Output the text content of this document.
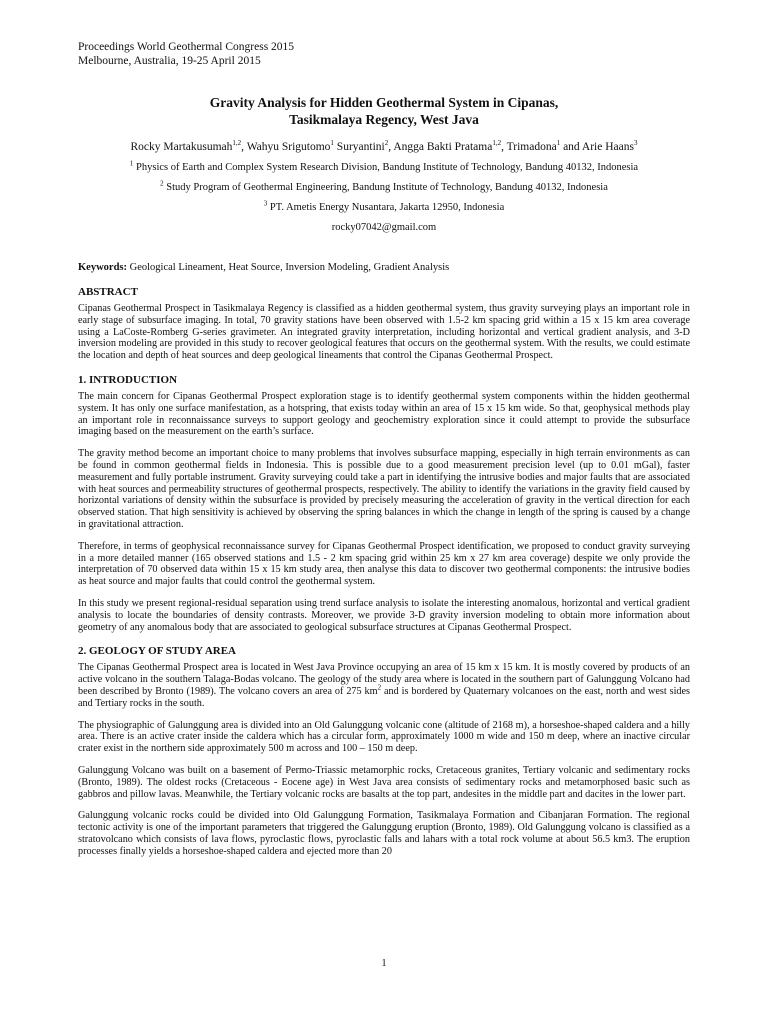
Proceedings World Geothermal Congress 2015
Melbourne, Australia, 19-25 April 2015
Gravity Analysis for Hidden Geothermal System in Cipanas,
Tasikmalaya Regency, West Java
Rocky Martakusumah$^{1,2}$, Wahyu Srigutomo$^1$ Suryantini$^2$, Angga Bakti Pratama$^{1,2}$, Trimadona$^1$ and Arie Haans$^3$
$^1$ Physics of Earth and Complex System Research Division, Bandung Institute of Technology, Bandung 40132, Indonesia
$^2$ Study Program of Geothermal Engineering, Bandung Institute of Technology, Bandung 40132, Indonesia
$^3$ PT. Ametis Energy Nusantara, Jakarta 12950, Indonesia
rocky07042@gmail.com
Keywords: Geological Lineament, Heat Source, Inversion Modeling, Gradient Analysis
ABSTRACT

Cipanas Geothermal Prospect in Tasikmalaya Regency is classified as a hidden geothermal system, thus gravity surveying plays an important role in early stage of subsurface imaging. In total, 70 gravity stations have been observed with 1.5-2 km spacing grid within a 15 x 15 km area coverage using a LaCoste-Romberg G-series gravimeter. An integrated gravity interpretation, including horizontal and vertical gradient analysis, and 3-D inversion modeling are provided in this study to recover geological features that occurs on the geothermal system. With the results, we could estimate the location and depth of heat sources and deep geological lineaments that control the Cipanas Geothermal Prospect.

1. INTRODUCTION

The main concern for Cipanas Geothermal Prospect exploration stage is to identify geothermal system components within the hidden geothermal system. It has only one surface manifestation, as a hotspring, that exists today within an area of 15 x 15 km wide. So that, geophysical methods play an important role in reconnaissance surveys to support geology and geochemistry exploration since it could attempt to provide the subsurface imaging based on the measurement on the earth’s surface.

The gravity method become an important choice to many problems that involves subsurface mapping, especially in high terrain environments as can be found in common geothermal fields in Indonesia. This is possible due to a good measurement precision level (up to 0.01 mGal), faster measurement and fully portable instrument. Gravity surveying could take a part in identifying the intrusive bodies and major faults that are associated with heat sources and permeability structures of geothermal prospects, respectively. The ability to identify the variations in the gravity field caused by horizontal variations of density within the subsurface is provided by precisely measuring the acceleration of gravity in the vertical direction for each observed station. That high sensitivity is achieved by observing the spring balances in which the change in length of the spring is caused by a change in gravitational attraction.

Therefore, in terms of geophysical reconnaissance survey for Cipanas Geothermal Prospect identification, we proposed to conduct gravity surveying in a more detailed manner (165 observed stations and 1.5 - 2 km spacing grid within 25 km x 27 km area coverage) despite we only provide the interpretation of 70 observed data within 15 x 15 km study area, then analyse this data to discover two geothermal components: the intrusive bodies as heat source and major faults that could control the geothermal system.

In this study we present regional-residual separation using trend surface analysis to isolate the interesting anomalous, horizontal and vertical gradient analysis to locate the boundaries of density contrasts. Moreover, we provide 3-D gravity inversion modeling to obtain more information about geometry of any anomalous body that are associated to geological subsurface structures at Cipanas Geothermal Prospect.

2. GEOLOGY OF STUDY AREA

The Cipanas Geothermal Prospect area is located in West Java Province occupying an area of 15 km x 15 km. It is mostly covered by products of an active volcano in the southern Talaga-Bodas volcano. The geology of the study area where is located in the southern part of Galunggung Volcano had been described by Bronto (1989). The volcano covers an area of 275 $km^2$ and is bordered by Quaternary volcanoes on the east, north and west sides and Tertiary rocks in the south.

The physiographic of Galunggung area is divided into an Old Galunggung volcanic cone (altitude of 2168 m), a horseshoe-shaped caldera and a hilly area. There is an active crater inside the caldera which has a circular form, approximately 1000 m wide and 150 m deep, where an inactive circular crater exist in the northern side approximately 500 m across and 100 – 150 m deep.

Galunggung Volcano was built on a basement of Permo-Triassic metamorphic rocks, Cretaceous granites, Tertiary volcanic and sedimentary rocks (Bronto, 1989). The oldest rocks (Cretaceous - Eocene age) in West Java area consists of sedimentary rocks and metamorphosed basic such as gabbros and pillow lavas. Meanwhile, the Tertiary volcanic rocks are basalts at the top part, andesites in the middle part and dacites in the lower part.

Galunggung volcanic rocks could be divided into Old Galunggung Formation, Tasikmalaya Formation and Cibanjaran Formation. The regional tectonic activity is one of the important parameters that triggered the Galunggung eruption (Bronto, 1989). Old Galunggung volcano is classified as a stratovolcano which consists of lava flows, pyroclastic flows, pyroclastic falls and lahars with a total rock volume at about 56.5 km3. The eruption processes finally yields a horseshoe-shaped caldera and ejected more than 20

1
